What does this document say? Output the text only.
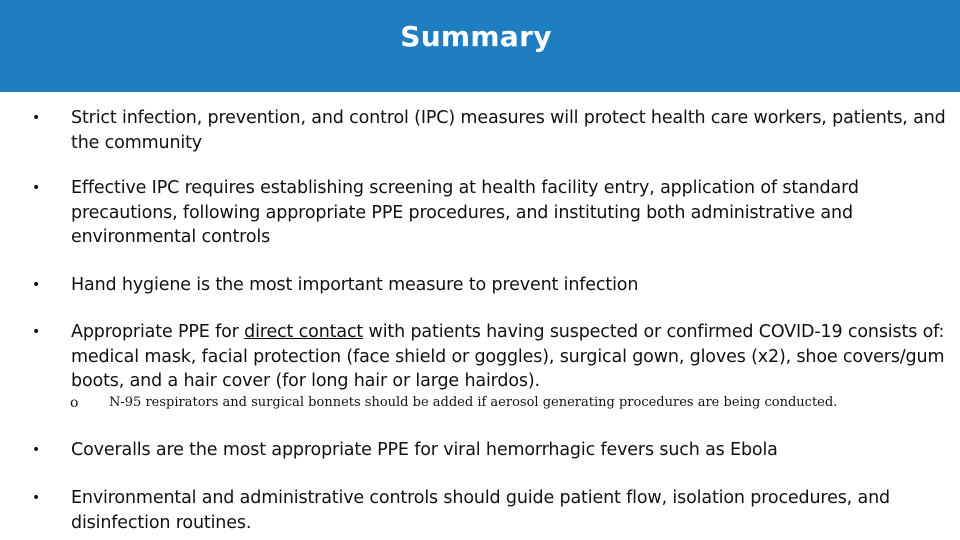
Summary
• Strict infection, prevention, and control (IPC) measures will protect health care workers, patients, and the community
• Effective IPC requires establishing screening at health facility entry, application of standard precautions, following appropriate PPE procedures, and instituting both administrative and environmental controls
• Hand hygiene is the most important measure to prevent infection
• Appropriate PPE for direct contact with patients having suspected or confirmed COVID-19 consists of: medical mask, facial protection (face shield or goggles), surgical gown, gloves (x2), shoe covers/gum boots, and a hair cover (for long hair or large hairdos).
o N-95 respirators and surgical bonnets should be added if aerosol generating procedures are being conducted.
• Coveralls are the most appropriate PPE for viral hemorrhagic fevers such as Ebola
• Environmental and administrative controls should guide patient flow, isolation procedures, and disinfection routines.
